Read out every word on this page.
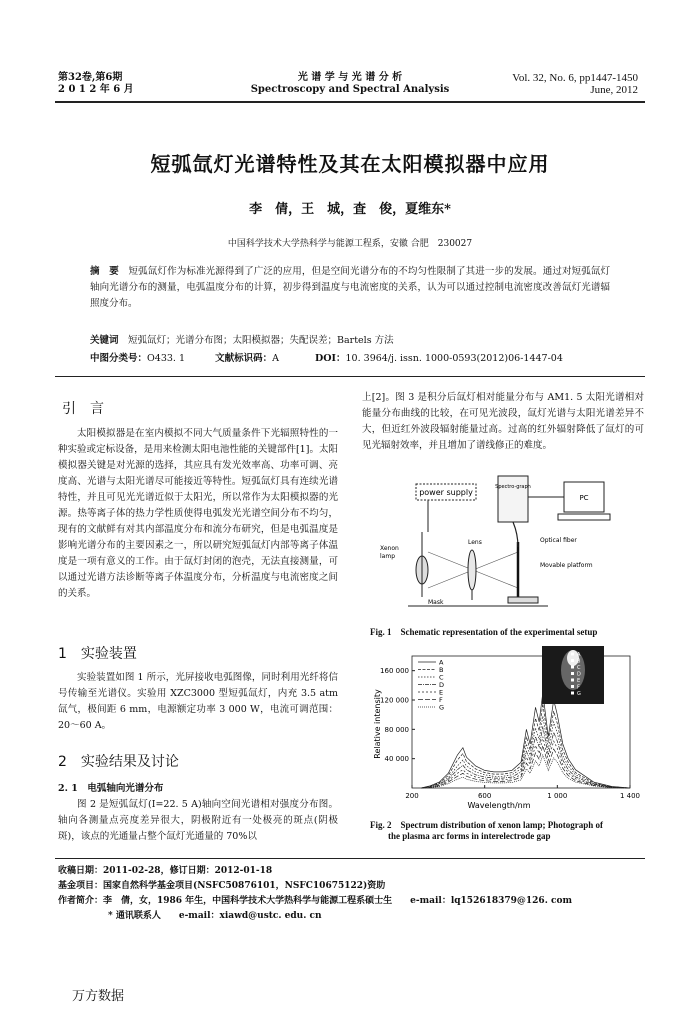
第32卷,第6期
2 0 1 2 年 6 月
光 谱 学 与 光 谱 分 析
Spectroscopy and Spectral Analysis
Vol. 32, No. 6, pp1447-1450
June, 2012
短弧氙灯光谱特性及其在太阳模拟器中应用
李　倩，王　城，査　俊，夏维东*
中国科学技术大学热科学与能源工程系，安徽 合肥　230027
摘　要　 短弧氙灯作为标准光源得到了广泛的应用，但是空间光谱分布的不均匀性限制了其进一步的发展。通过对短弧氙灯轴向光谱分布的测量，电弧温度分布的计算，初步得到温度与电流密度的关系，认为可以通过控制电流密度改善氙灯光谱辐照度分布。
关键词　 短弧氙灯；光谱分布图；太阳模拟器；失配误差；Bartels 方法
中图分类号：O433. 1	文献标识码：A	DOI：10. 3964/j. issn. 1000-0593(2012)06-1447-04
引　言
太阳模拟器是在室内模拟不同大气质量条件下光辐照特性的一种实验或定标设备，是用来检测太阳电池性能的关键部件[1]。太阳模拟器关键是对光源的选择，其应具有发光效率高、功率可调、亮度高、光谱与太阳光谱尽可能接近等特性。短弧氙灯具有连续光谱特性，并且可见光光谱近似于太阳光，所以常作为太阳模拟器的光源。热等离子体的热力学性质使得电弧发光光谱空间分布不均匀，现有的文献鲜有对其内部温度分布和流分布研究，但是电弧温度是影响光谱分布的主要因素之一，所以研究短弧氙灯内部等离子体温度是一项有意义的工作。由于氙灯封闭的泡壳，无法直接测量，可以通过光谱方法诊断等离子体温度分布，分析温度与电流密度之间的关系。
1　实验装置
实验装置如图 1 所示，光屏接收电弧图像，同时利用光纤将信号传输至光谱仪。实验用 XZC3000 型短弧氙灯，内充 3.5 atm 氙气，极间距 6 mm，电源额定功率 3 000 W，电流可调范围：20～60 A。
2　实验结果及讨论
2. 1　电弧轴向光谱分布
图 2 是短弧氙灯(I=22. 5 A)轴向空间光谱相对强度分布图。轴向各测量点亮度差异很大，阴极附近有一处极亮的斑点(阴极斑)，该点的光通量占整个氙灯光通量的 70%以
上[2]。图 3 是积分后氙灯相对能量分布与 AM1. 5 太阳光谱相对能量分布曲线的比较，在可见光波段，氙灯光谱与太阳光谱差异不大，但近红外波段辐射能量过高。过高的红外辐射降低了氙灯的可见光辐射效率，并且增加了谱线修正的难度。
power supply
Spectro-graph
PC
Xenon
lamp
Lens
Mask
Optical fiber
Movable platform
Fig. 1　 Schematic representation of the experimental setup
200	600	1 000	1 400
40 000
80 000
120 000
160 000
A
B
C
D
E
F
G
Wavelength/nm
Relative intensity
A
B
C
D
E
F
G
Fig. 2　 Spectrum distribution of xenon lamp; Photograph of
the plasma arc forms in interelectrode gap
收稿日期：2011-02-28，修订日期：2012-01-18
基金项目：国家自然科学基金项目(NSFC50876101，NSFC10675122)资助
作者简介：李　倩，女，1986 年生，中国科学技术大学热科学与能源工程系硕士生　　e-mail：lq152618379@126. com
* 通讯联系人　　e-mail：xiawd@ustc. edu. cn
万方数据
